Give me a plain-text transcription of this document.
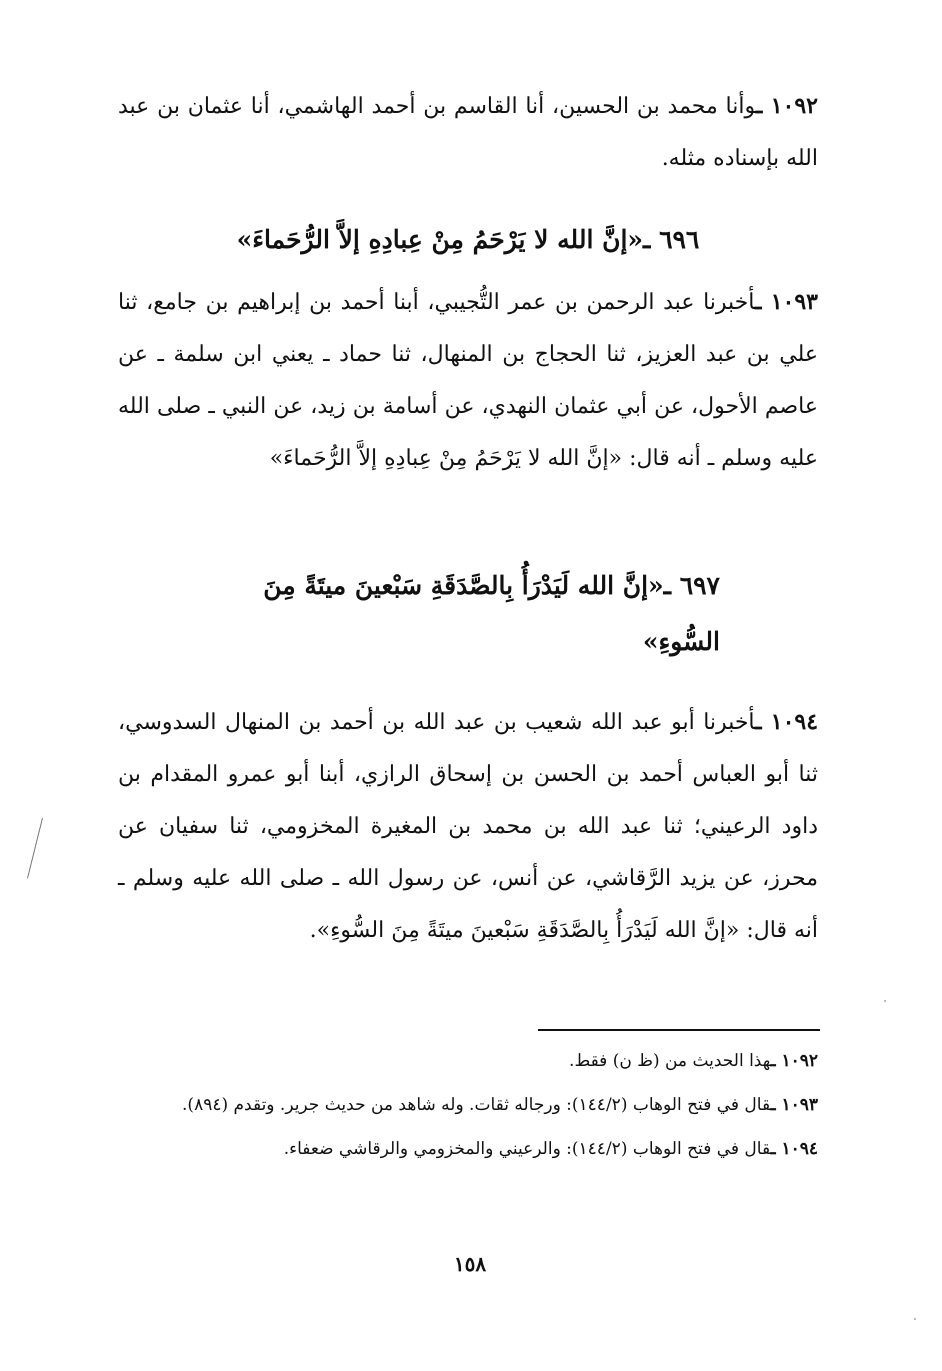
١٠٩٢ ـوأنا محمد بن الحسين، أنا القاسم بن أحمد الهاشمي، أنا عثمان بن عبد الله بإسناده مثله.

٦٩٦ ـ«إنَّ الله لا يَرْحَمُ مِنْ عِبادِهِ إلاَّ الرُّحَماءَ»

١٠٩٣ ـأخبرنا عبد الرحمن بن عمر التُّجيبي، أبنا أحمد بن إبراهيم بن جامع، ثنا علي بن عبد العزيز، ثنا الحجاج بن المنهال، ثنا حماد ـ يعني ابن سلمة ـ عن عاصم الأحول، عن أبي عثمان النهدي، عن أسامة بن زيد، عن النبي ـ صلى الله عليه وسلم ـ أنه قال: «إنَّ الله لا يَرْحَمُ مِنْ عِبادِهِ إلاَّ الرُّحَماءَ»

٦٩٧ ـ«إنَّ الله لَيَدْرَأُ بِالصَّدَقَةِ سَبْعينَ ميتَةً مِنَ السُّوءِ»

١٠٩٤ ـأخبرنا أبو عبد الله شعيب بن عبد الله بن أحمد بن المنهال السدوسي، ثنا أبو العباس أحمد بن الحسن بن إسحاق الرازي، أبنا أبو عمرو المقدام بن داود الرعيني؛ ثنا عبد الله بن محمد بن المغيرة المخزومي، ثنا سفيان عن محرز، عن يزيد الرَّقاشي، عن أنس، عن رسول الله ـ صلى الله عليه وسلم ـ أنه قال: «إنَّ الله لَيَدْرَأُ بِالصَّدَقَةِ سَبْعينَ ميتَةً مِنَ السُّوءِ».

١٠٩٢ ـهذا الحديث من (ظ ن) فقط.

١٠٩٣ ـقال في فتح الوهاب (١٤٤/٢): ورجاله ثقات. وله شاهد من حديث جرير. وتقدم (٨٩٤).

١٠٩٤ ـقال في فتح الوهاب (١٤٤/٢): والرعيني والمخزومي والرقاشي ضعفاء.

١٥٨
